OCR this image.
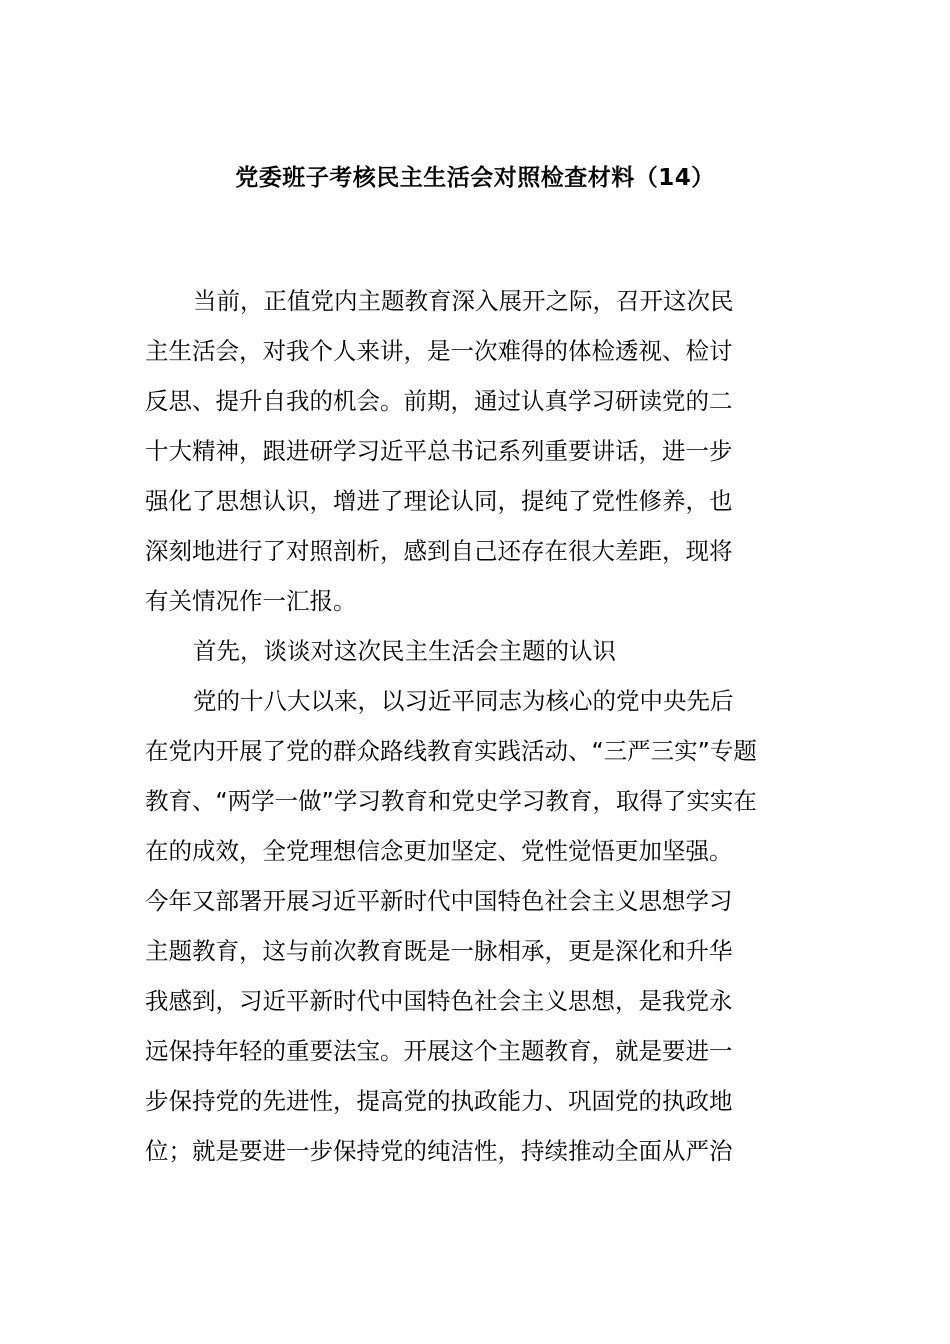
党委班子考核民主生活会对照检查材料（14）
当前，正值党内主题教育深入展开之际，召开这次民
主生活会，对我个人来讲，是一次难得的体检透视、检讨
反思、提升自我的机会。前期，通过认真学习研读党的二
十大精神，跟进研学习近平总书记系列重要讲话，进一步
强化了思想认识，增进了理论认同，提纯了党性修养，也
深刻地进行了对照剖析，感到自己还存在很大差距，现将
有关情况作一汇报。
首先，谈谈对这次民主生活会主题的认识
党的十八大以来，以习近平同志为核心的党中央先后
在党内开展了党的群众路线教育实践活动、“三严三实”专题
教育、“两学一做”学习教育和党史学习教育，取得了实实在
在的成效，全党理想信念更加坚定、党性觉悟更加坚强。
今年又部署开展习近平新时代中国特色社会主义思想学习
主题教育，这与前次教育既是一脉相承，更是深化和升华
我感到，习近平新时代中国特色社会主义思想，是我党永
远保持年轻的重要法宝。开展这个主题教育，就是要进一
步保持党的先进性，提高党的执政能力、巩固党的执政地
位；就是要进一步保持党的纯洁性，持续推动全面从严治
